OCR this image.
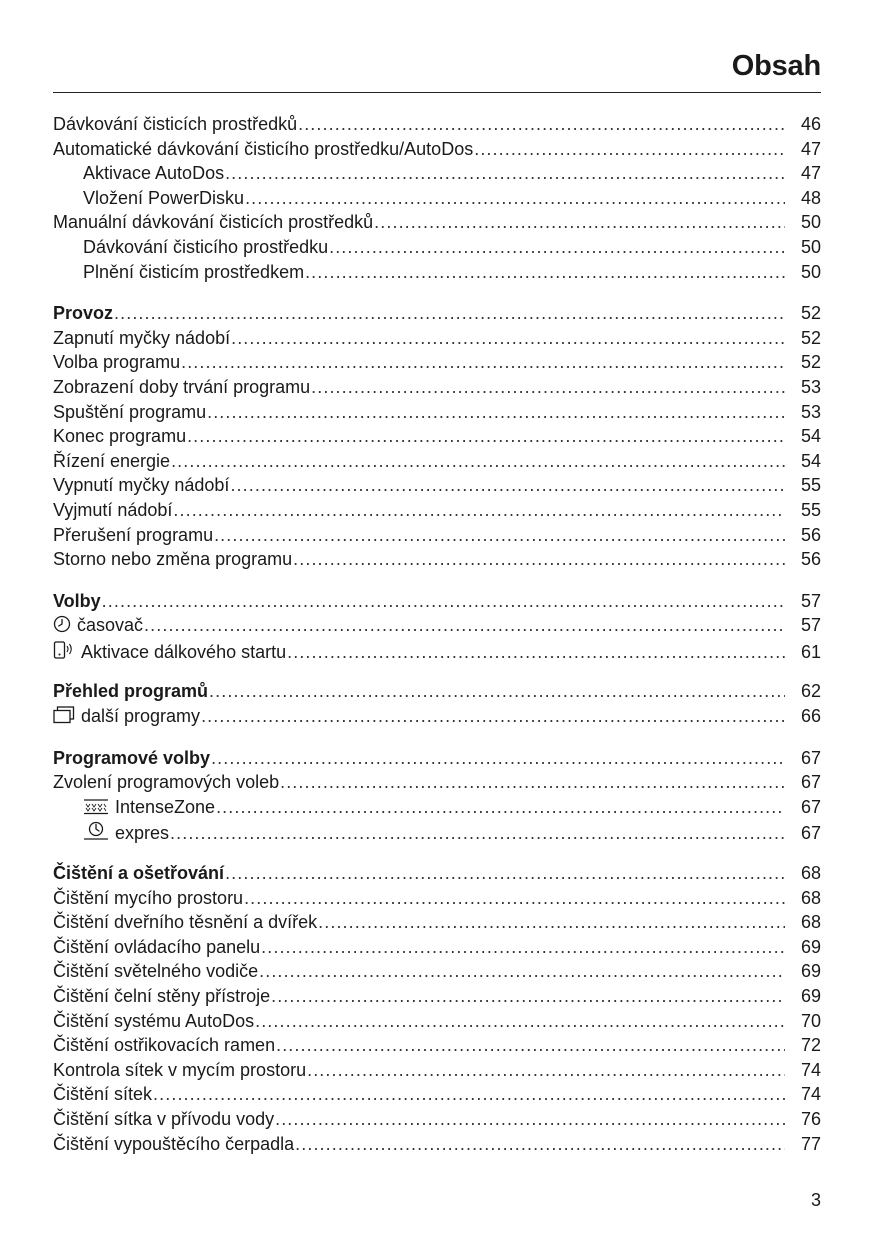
Obsah
Dávkování čisticích prostředků .....	46
Automatické dávkování čisticího prostředku/AutoDos .....	47
Aktivace AutoDos .....	47
Vložení PowerDisku .....	48
Manuální dávkování čisticích prostředků .....	50
Dávkování čisticího prostředku .....	50
Plnění čisticím prostředkem .....	50
Provoz .....	52
Zapnutí myčky nádobí .....	52
Volba programu .....	52
Zobrazení doby trvání programu .....	53
Spuštění programu .....	53
Konec programu .....	54
Řízení energie .....	54
Vypnutí myčky nádobí .....	55
Vyjmutí nádobí .....	55
Přerušení programu .....	56
Storno nebo změna programu .....	56
Volby .....	57
časovač .....	57
Aktivace dálkového startu .....	61
Přehled programů .....	62
další programy .....	66
Programové volby .....	67
Zvolení programových voleb .....	67
IntenseZone .....	67
expres .....	67
Čištění a ošetřování .....	68
Čištění mycího prostoru .....	68
Čištění dveřního těsnění a dvířek .....	68
Čištění ovládacího panelu .....	69
Čištění světelného vodiče .....	69
Čištění čelní stěny přístroje .....	69
Čištění systému AutoDos .....	70
Čištění ostřikovacích ramen .....	72
Kontrola sítek v mycím prostoru .....	74
Čištění sítek .....	74
Čištění sítka v přívodu vody .....	76
Čištění vypouštěcího čerpadla .....	77
3
